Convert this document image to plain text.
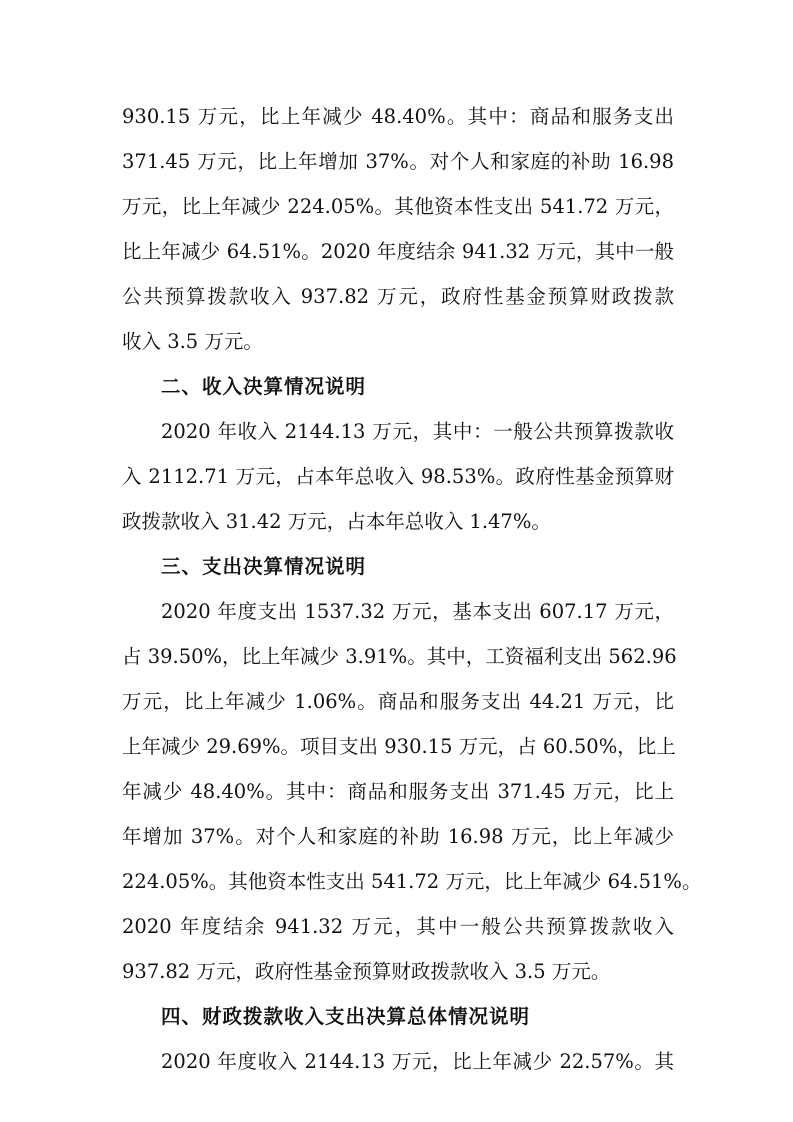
930.15 万元，比上年减少 48.40%。其中：商品和服务支出
371.45 万元，比上年增加 37%。对个人和家庭的补助 16.98
万元，比上年减少 224.05%。其他资本性支出 541.72 万元，
比上年减少 64.51%。2020 年度结余 941.32 万元，其中一般
公共预算拨款收入 937.82 万元，政府性基金预算财政拨款
收入 3.5 万元。
二、收入决算情况说明
2020 年收入 2144.13 万元，其中：一般公共预算拨款收
入 2112.71 万元，占本年总收入 98.53%。政府性基金预算财
政拨款收入 31.42 万元，占本年总收入 1.47%。
三、支出决算情况说明
2020 年度支出 1537.32 万元，基本支出 607.17 万元，
占 39.50%，比上年减少 3.91%。其中，工资福利支出 562.96
万元，比上年减少 1.06%。商品和服务支出 44.21 万元，比
上年减少 29.69%。项目支出 930.15 万元，占 60.50%，比上
年减少 48.40%。其中：商品和服务支出 371.45 万元，比上
年增加 37%。对个人和家庭的补助 16.98 万元，比上年减少
224.05%。其他资本性支出 541.72 万元，比上年减少 64.51%。
2020 年度结余 941.32 万元，其中一般公共预算拨款收入
937.82 万元，政府性基金预算财政拨款收入 3.5 万元。
四、财政拨款收入支出决算总体情况说明
2020 年度收入 2144.13 万元，比上年减少 22.57%。其
